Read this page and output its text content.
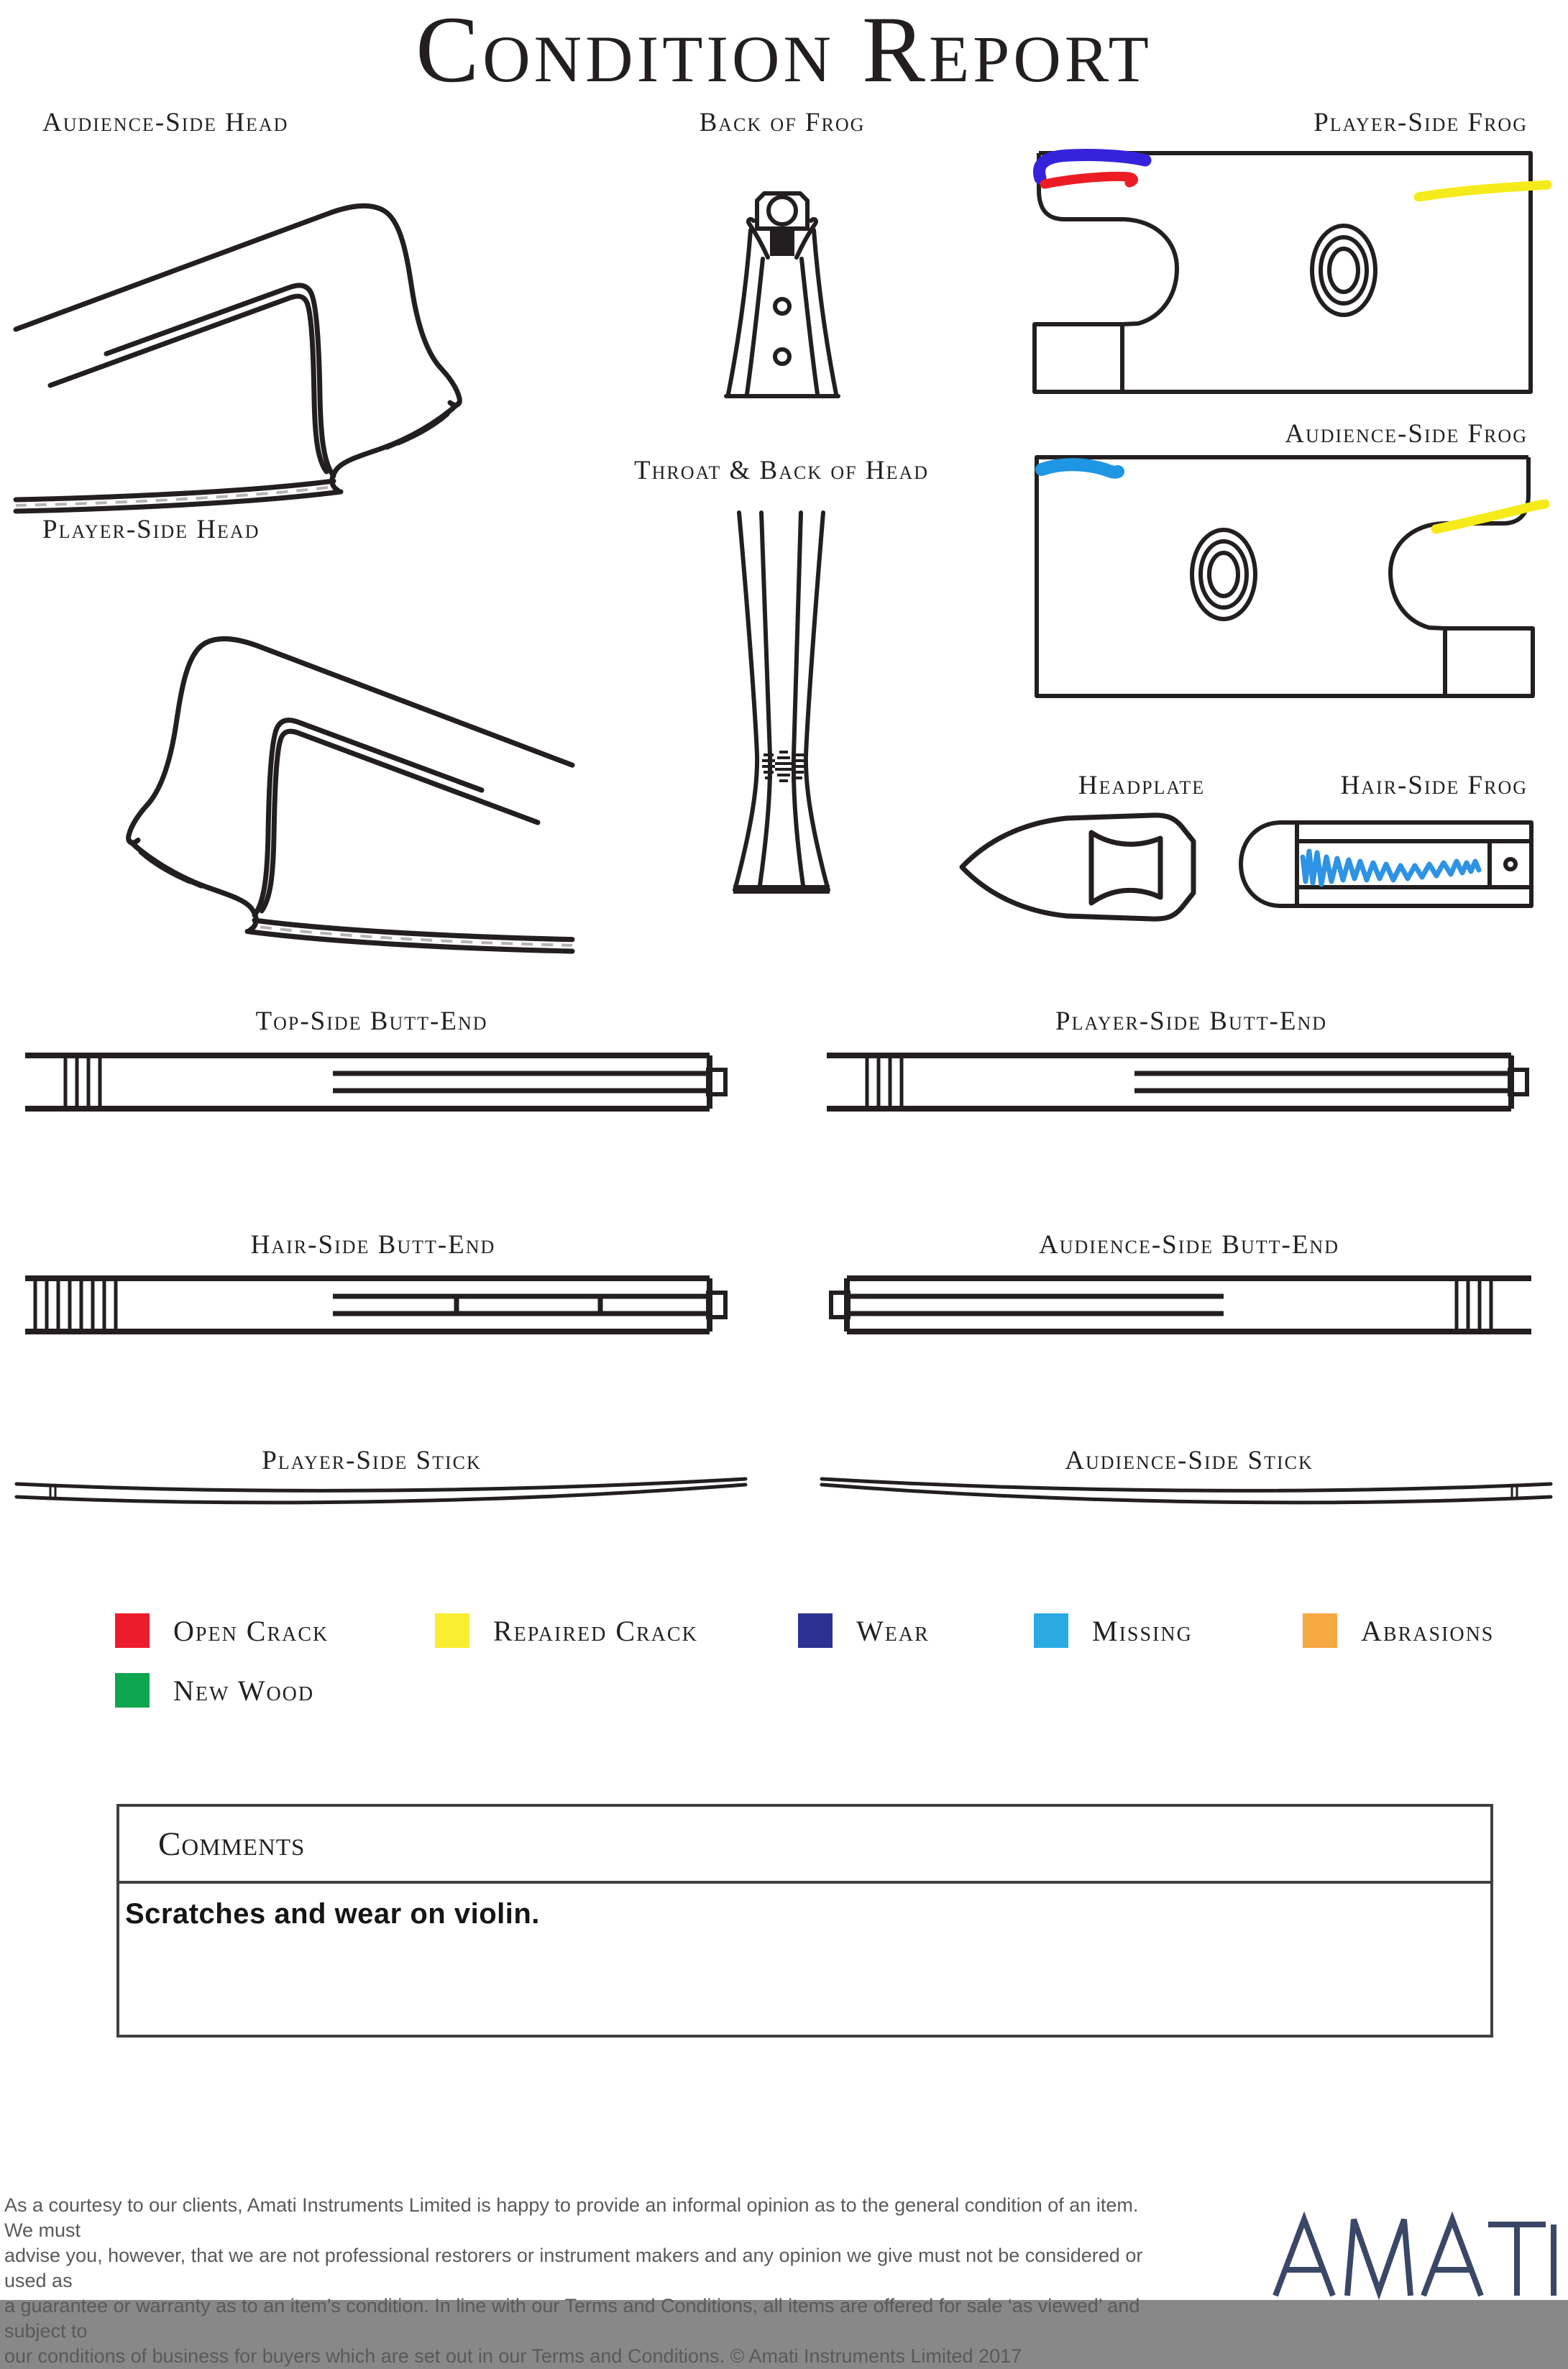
Condition Report
Audience-Side Head	Back of Frog	Player-Side Frog
Audience-Side Frog
Player-Side Head
Throat & Back of Head
Headplate	Hair-Side Frog
Top-Side Butt-End	Player-Side Butt-End
Hair-Side Butt-End	Audience-Side Butt-End
Player-Side Stick	Audience-Side Stick
Open Crack	Repaired Crack	Wear	Missing	Abrasions
New Wood
Comments
Scratches and wear on violin.
As a courtesy to our clients, Amati Instruments Limited is happy to provide an informal opinion as to the general condition of an item. We must
advise you, however, that we are not professional restorers or instrument makers and any opinion we give must not be considered or used as
a guarantee or warranty as to an item’s condition. In line with our Terms and Conditions, all items are offered for sale ‘as viewed’ and subject to
our conditions of business for buyers which are set out in our Terms and Conditions. © Amati Instruments Limited 2017
